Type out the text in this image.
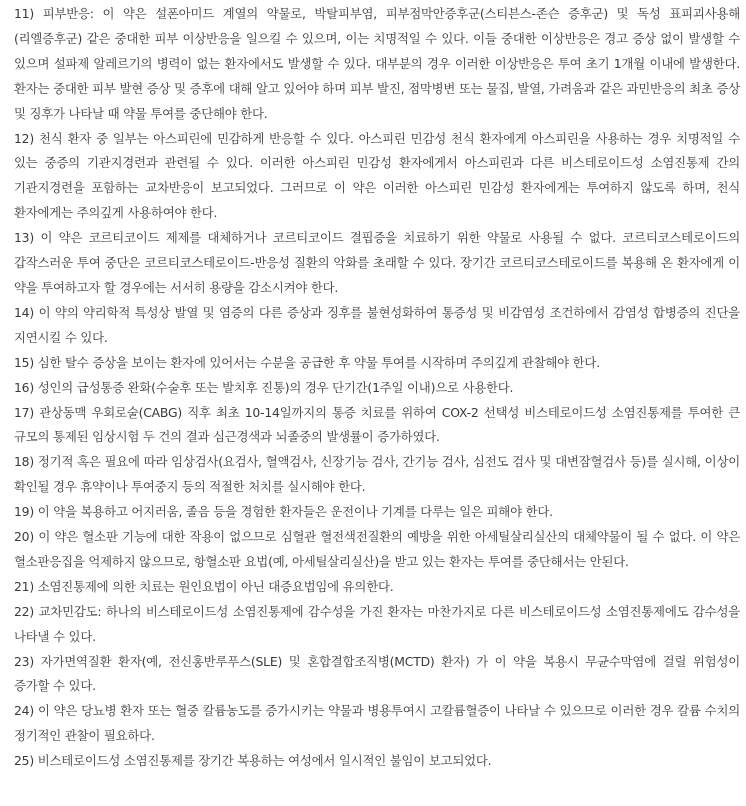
11) 피부반응: 이 약은 설폰아미드 계열의 약물로, 박탈피부염, 피부점막안증후군(스티븐스-존슨 증후군) 및 독성 표피괴사용해(리엘증후군) 같은 중대한 피부 이상반응을 일으킬 수 있으며, 이는 치명적일 수 있다. 이들 중대한 이상반응은 경고 증상 없이 발생할 수 있으며 설파제 알레르기의 병력이 없는 환자에서도 발생할 수 있다. 대부분의 경우 이러한 이상반응은 투여 초기 1개월 이내에 발생한다. 환자는 중대한 피부 발현 증상 및 증후에 대해 알고 있어야 하며 피부 발진, 점막병변 또는 물집, 발열, 가려움과 같은 과민반응의 최초 증상 및 징후가 나타날 때 약물 투여를 중단해야 한다.

12) 천식 환자 중 일부는 아스피린에 민감하게 반응할 수 있다. 아스피린 민감성 천식 환자에게 아스피린을 사용하는 경우 치명적일 수 있는 중증의 기관지경련과 관련될 수 있다. 이러한 아스피린 민감성 환자에게서 아스피린과 다른 비스테로이드성 소염진통제 간의 기관지경련을 포함하는 교차반응이 보고되었다. 그러므로 이 약은 이러한 아스피린 민감성 환자에게는 투여하지 않도록 하며, 천식 환자에게는 주의깊게 사용하여야 한다.

13) 이 약은 코르티코이드 제제를 대체하거나 코르티코이드 결핍증을 치료하기 위한 약물로 사용될 수 없다. 코르티코스테로이드의 갑작스러운 투여 중단은 코르티코스테로이드-반응성 질환의 악화를 초래할 수 있다. 장기간 코르티코스테로이드를 복용해 온 환자에게 이 약을 투여하고자 할 경우에는 서서히 용량을 감소시켜야 한다.

14) 이 약의 약리학적 특성상 발열 및 염증의 다른 증상과 징후를 불현성화하여 통증성 및 비감염성 조건하에서 감염성 합병증의 진단을 지연시킬 수 있다.

15) 심한 탈수 증상을 보이는 환자에 있어서는 수분을 공급한 후 약물 투여를 시작하며 주의깊게 관찰해야 한다.

16) 성인의 급성통증 완화(수술후 또는 발치후 진통)의 경우 단기간(1주일 이내)으로 사용한다.

17) 관상동맥 우회로술(CABG) 직후 최초 10-14일까지의 통증 치료를 위하여 COX-2 선택성 비스테로이드성 소염진통제를 투여한 큰 규모의 통제된 임상시험 두 건의 결과 심근경색과 뇌졸중의 발생률이 증가하였다.

18) 정기적 혹은 필요에 따라 임상검사(요검사, 혈액검사, 신장기능 검사, 간기능 검사, 심전도 검사 및 대변잠혈검사 등)를 실시해, 이상이 확인될 경우 휴약이나 투여중지 등의 적절한 처치를 실시해야 한다.

19) 이 약을 복용하고 어지러움, 졸음 등을 경험한 환자들은 운전이나 기계를 다루는 일은 피해야 한다.

20) 이 약은 혈소판 기능에 대한 작용이 없으므로 심혈관 혈전색전질환의 예방을 위한 아세틸살리실산의 대체약물이 될 수 없다. 이 약은 혈소판응집을 억제하지 않으므로, 항혈소판 요법(예, 아세틸살리실산)을 받고 있는 환자는 투여를 중단해서는 안된다.

21) 소염진통제에 의한 치료는 원인요법이 아닌 대증요법임에 유의한다.

22) 교차민감도: 하나의 비스테로이드성 소염진통제에 감수성을 가진 환자는 마찬가지로 다른 비스테로이드성 소염진통제에도 감수성을 나타낼 수 있다.

23) 자가면역질환 환자(예, 전신홍반루푸스(SLE) 및 혼합결합조직병(MCTD) 환자) 가 이 약을 복용시 무균수막염에 걸릴 위험성이 증가할 수 있다.

24) 이 약은 당뇨병 환자 또는 혈중 칼륨농도를 증가시키는 약물과 병용투여시 고칼륨혈증이 나타날 수 있으므로 이러한 경우 칼륨 수치의 정기적인 관찰이 필요하다.

25) 비스테로이드성 소염진통제를 장기간 복용하는 여성에서 일시적인 불임이 보고되었다.
